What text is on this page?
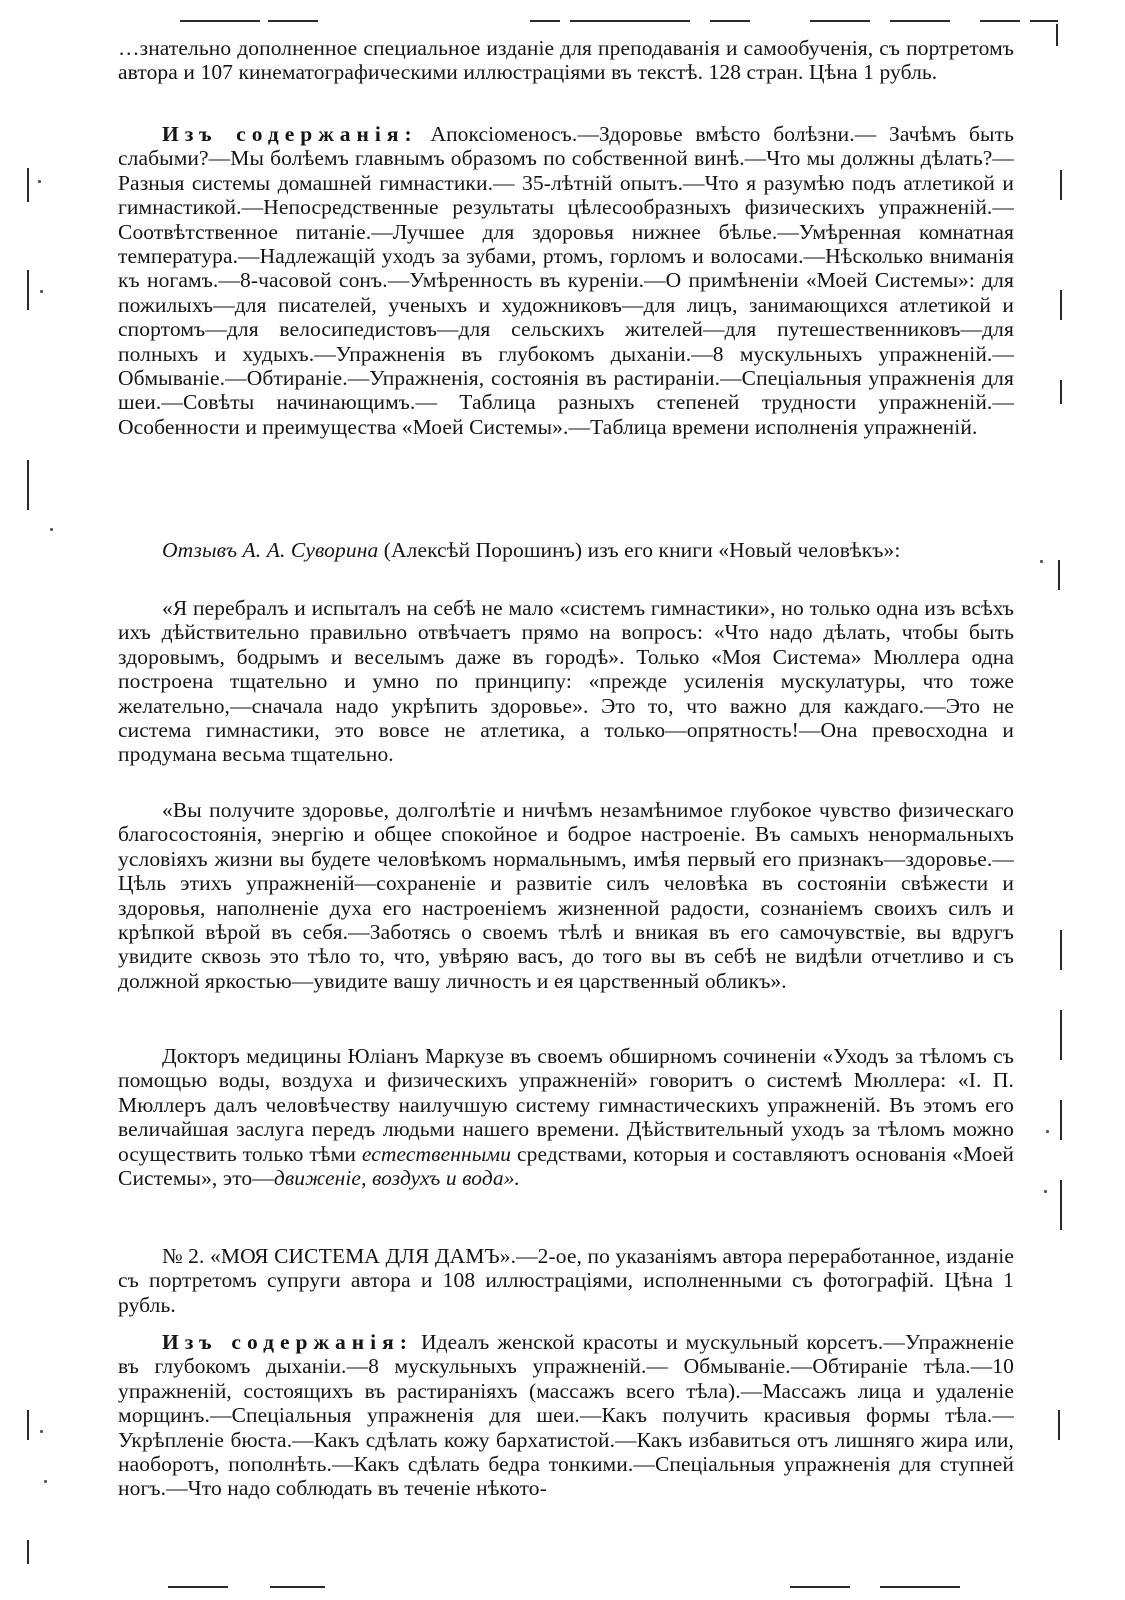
…знательно дополненное специальное изданіе для преподаванія и самообученія, съ портретомъ автора и 107 кинематографическими иллюстраціями въ текстѣ. 128 стран. Цѣна 1 рубль.

Изъ содержанія: Апоксіоменосъ.—Здоровье вмѣсто болѣзни.— Зачѣмъ быть слабыми?—Мы болѣемъ главнымъ образомъ по собственной винѣ.—Что мы должны дѣлать?—Разныя системы домашней гимнастики.— 35-лѣтній опытъ.—Что я разумѣю подъ атлетикой и гимнастикой.—Непосредственные результаты цѣлесообразныхъ физическихъ упражненій.—Соотвѣтственное питаніе.—Лучшее для здоровья нижнее бѣлье.—Умѣренная комнатная температура.—Надлежащій уходъ за зубами, ртомъ, горломъ и волосами.—Нѣсколько вниманія къ ногамъ.—8-часовой сонъ.—Умѣренность въ куреніи.—О примѣненіи «Моей Системы»: для пожилыхъ—для писателей, ученыхъ и художниковъ—для лицъ, занимающихся атлетикой и спортомъ—для велосипедистовъ—для сельскихъ жителей—для путешественниковъ—для полныхъ и худыхъ.—Упражненія въ глубокомъ дыханіи.—8 мускульныхъ упражненій.—Обмываніе.—Обтираніе.—Упражненія, состоянія въ растираніи.—Спеціальныя упражненія для шеи.—Совѣты начинающимъ.— Таблица разныхъ степеней трудности упражненій.—Особенности и преимущества «Моей Системы».—Таблица времени исполненія упражненій.

Отзывъ А. А. Суворина (Алексѣй Порошинъ) изъ его книги «Новый человѣкъ»:

«Я перебралъ и испыталъ на себѣ не мало «системъ гимнастики», но только одна изъ всѣхъ ихъ дѣйствительно правильно отвѣчаетъ прямо на вопросъ: «Что надо дѣлать, чтобы быть здоровымъ, бодрымъ и веселымъ даже въ городѣ». Только «Моя Система» Мюллера одна построена тщательно и умно по принципу: «прежде усиленія мускулатуры, что тоже желательно,—сначала надо укрѣпить здоровье». Это то, что важно для каждаго.—Это не система гимнастики, это вовсе не атлетика, а только—опрятность!—Она превосходна и продумана весьма тщательно.

«Вы получите здоровье, долголѣтіе и ничѣмъ незамѣнимое глубокое чувство физическаго благосостоянія, энергію и общее спокойное и бодрое настроеніе. Въ самыхъ ненормальныхъ условіяхъ жизни вы будете человѣкомъ нормальнымъ, имѣя первый его признакъ—здоровье.—Цѣль этихъ упражненій—сохраненіе и развитіе силъ человѣка въ состояніи свѣжести и здоровья, наполненіе духа его настроеніемъ жизненной радости, сознаніемъ своихъ силъ и крѣпкой вѣрой въ себя.—Заботясь о своемъ тѣлѣ и вникая въ его самочувствіе, вы вдругъ увидите сквозь это тѣло то, что, увѣряю васъ, до того вы въ себѣ не видѣли отчетливо и съ должной яркостью—увидите вашу личность и ея царственный обликъ».

Докторъ медицины Юліанъ Маркузе въ своемъ обширномъ сочиненіи «Уходъ за тѣломъ съ помощью воды, воздуха и физическихъ упражненій» говоритъ о системѣ Мюллера: «І. П. Мюллеръ далъ человѣчеству наилучшую систему гимнастическихъ упражненій. Въ этомъ его величайшая заслуга передъ людьми нашего времени. Дѣйствительный уходъ за тѣломъ можно осуществить только тѣми естественными средствами, которыя и составляютъ основанія «Моей Системы», это—движеніе, воздухъ и вода».

№ 2. «МОЯ СИСТЕМА ДЛЯ ДАМЪ».—2-ое, по указаніямъ автора переработанное, изданіе съ портретомъ супруги автора и 108 иллюстраціями, исполненными съ фотографій. Цѣна 1 рубль.

Изъ содержанія: Идеалъ женской красоты и мускульный корсетъ.—Упражненіе въ глубокомъ дыханіи.—8 мускульныхъ упражненій.— Обмываніе.—Обтираніе тѣла.—10 упражненій, состоящихъ въ растираніяхъ (массажъ всего тѣла).—Массажъ лица и удаленіе морщинъ.—Спеціальныя упражненія для шеи.—Какъ получить красивыя формы тѣла.—Укрѣпленіе бюста.—Какъ сдѣлать кожу бархатистой.—Какъ избавиться отъ лишняго жира или, наоборотъ, пополнѣть.—Какъ сдѣлать бедра тонкими.—Спеціальныя упражненія для ступней ногъ.—Что надо соблюдать въ теченіе нѣкото-
